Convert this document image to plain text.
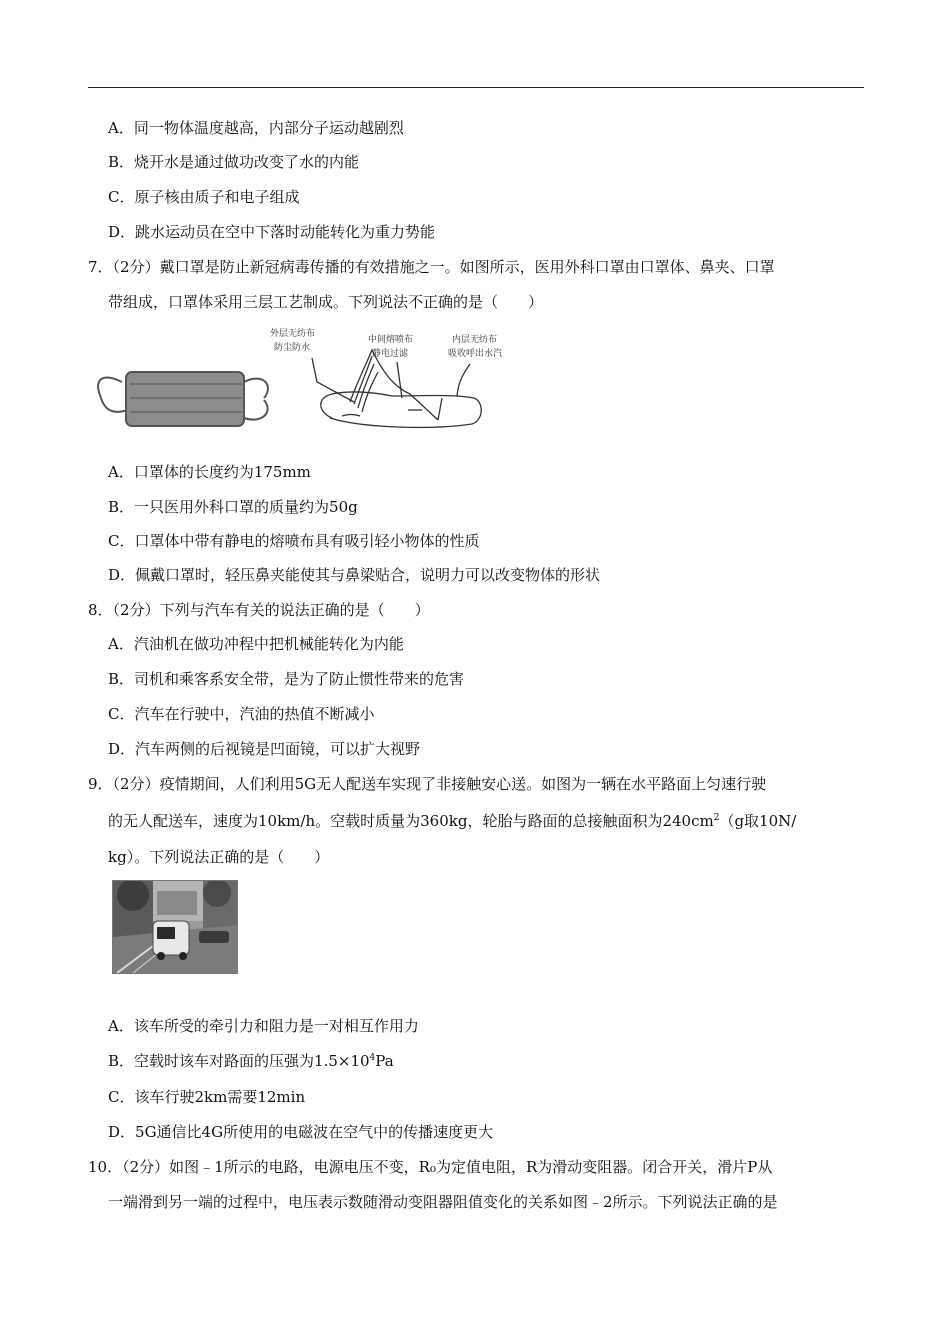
A．同一物体温度越高，内部分子运动越剧烈
B．烧开水是通过做功改变了水的内能
C．原子核由质子和电子组成
D．跳水运动员在空中下落时动能转化为重力势能
7．（2分）戴口罩是防止新冠病毒传播的有效措施之一。如图所示，医用外科口罩由口罩体、鼻夹、口罩
带组成，口罩体采用三层工艺制成。下列说法不正确的是（　　）
外层无纺布
防尘防水
中间熔喷布
静电过滤
内层无纺布
吸收呼出水汽
A．口罩体的长度约为175mm
B．一只医用外科口罩的质量约为50g
C．口罩体中带有静电的熔喷布具有吸引轻小物体的性质
D．佩戴口罩时，轻压鼻夹能使其与鼻梁贴合，说明力可以改变物体的形状
8．（2分）下列与汽车有关的说法正确的是（　　）
A．汽油机在做功冲程中把机械能转化为内能
B．司机和乘客系安全带，是为了防止惯性带来的危害
C．汽车在行驶中，汽油的热值不断减小
D．汽车两侧的后视镜是凹面镜，可以扩大视野
9．（2分）疫情期间，人们利用5G无人配送车实现了非接触安心送。如图为一辆在水平路面上匀速行驶
的无人配送车，速度为10km/h。空载时质量为360kg，轮胎与路面的总接触面积为$240cm^2(g$取10N/
kg）。下列说法正确的是（　　）
A．该车所受的牵引力和阻力是一对相互作用力
B．空载时该车对路面的压强为$1.5\times 10^4Pa$
C．该车行驶2km需要12min
D．5G通信比4G所使用的电磁波在空气中的传播速度更大
10．（2分）如图﹣1所示的电路，电源电压不变，R₀为定值电阻，R为滑动变阻器。闭合开关，滑片P从
一端滑到另一端的过程中，电压表示数随滑动变阻器阻值变化的关系如图﹣2所示。下列说法正确的是
